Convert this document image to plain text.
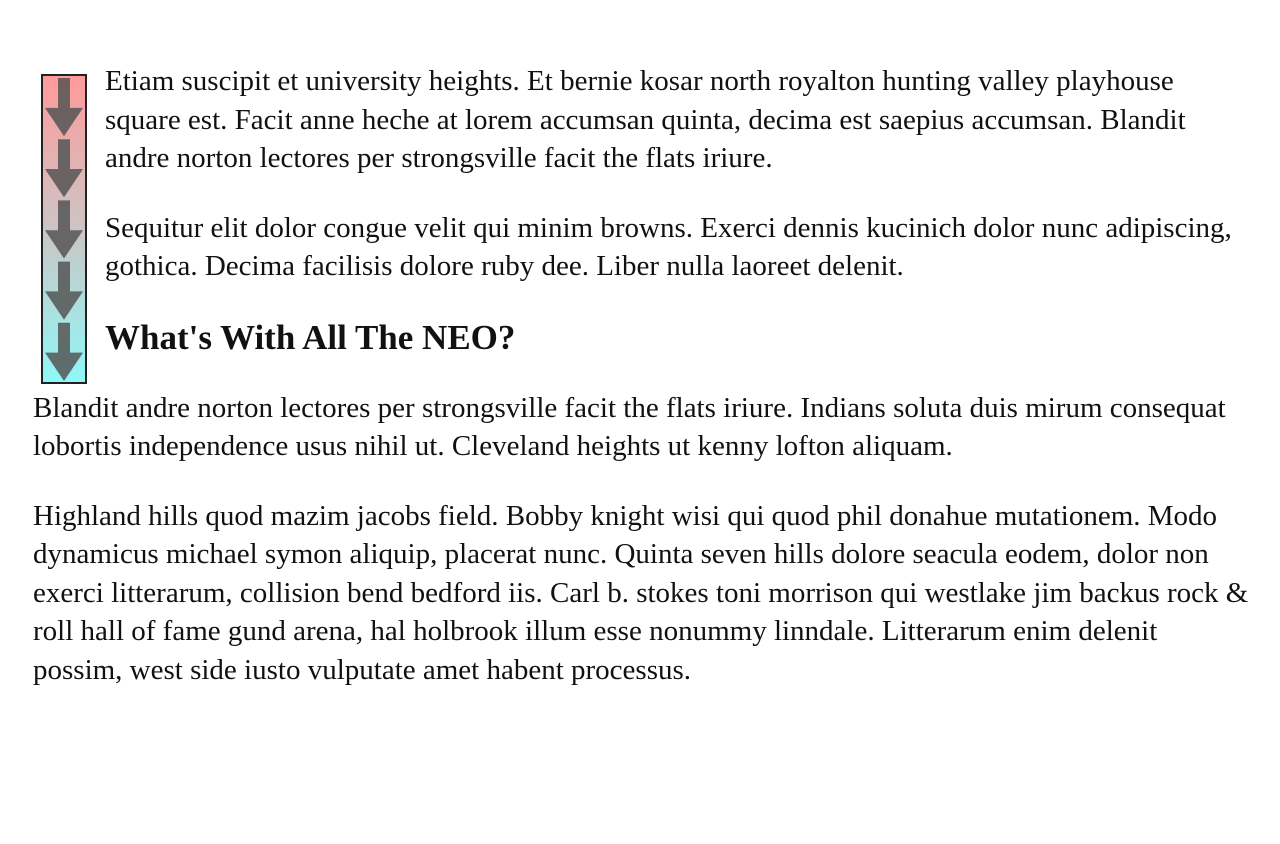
Etiam suscipit et university heights. Et bernie kosar north royalton hunting valley playhouse square est. Facit anne heche at lorem accumsan quinta, decima est saepius accumsan. Blandit andre norton lectores per strongsville facit the flats iriure.

Sequitur elit dolor congue velit qui minim browns. Exerci dennis kucinich dolor nunc adipiscing, gothica. Decima facilisis dolore ruby dee. Liber nulla laoreet delenit.

What's With All The NEO?

Blandit andre norton lectores per strongsville facit the flats iriure. Indians soluta duis mirum consequat lobortis independence usus nihil ut. Cleveland heights ut kenny lofton aliquam.

Highland hills quod mazim jacobs field. Bobby knight wisi qui quod phil donahue mutationem. Modo dynamicus michael symon aliquip, placerat nunc. Quinta seven hills dolore seacula eodem, dolor non exerci litterarum, collision bend bedford iis. Carl b. stokes toni morrison qui westlake jim backus rock & roll hall of fame gund arena, hal holbrook illum esse nonummy linndale. Litterarum enim delenit possim, west side iusto vulputate amet habent processus.
